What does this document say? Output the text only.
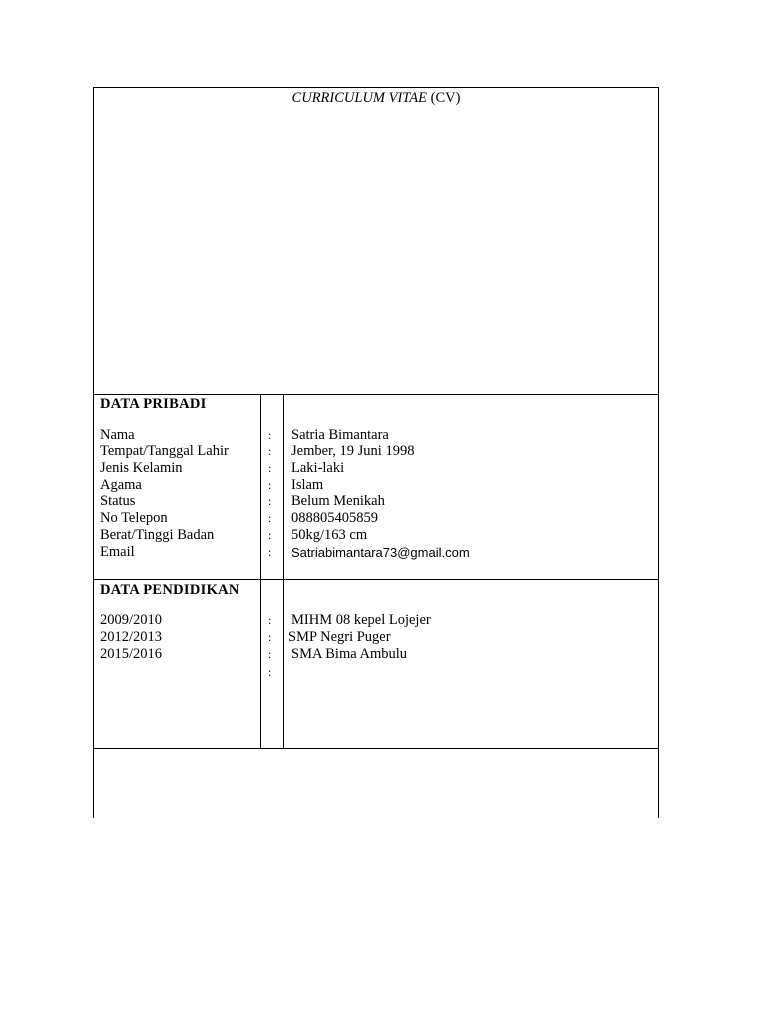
CURRICULUM VITAE (CV)
DATA PRIBADI
Nama	: Satria Bimantara
Tempat/Tanggal Lahir	: Jember, 19 Juni 1998
Jenis Kelamin	: Laki-laki
Agama	: Islam
Status	: Belum Menikah
No Telepon	: 088805405859
Berat/Tinggi Badan	: 50kg/163 cm
Email	: Satriabimantara73@gmail.com
DATA PENDIDIKAN
2009/2010	: MIHM 08 kepel Lojejer
2012/2013	: SMP Negri Puger
2015/2016	: SMA Bima Ambulu
:
